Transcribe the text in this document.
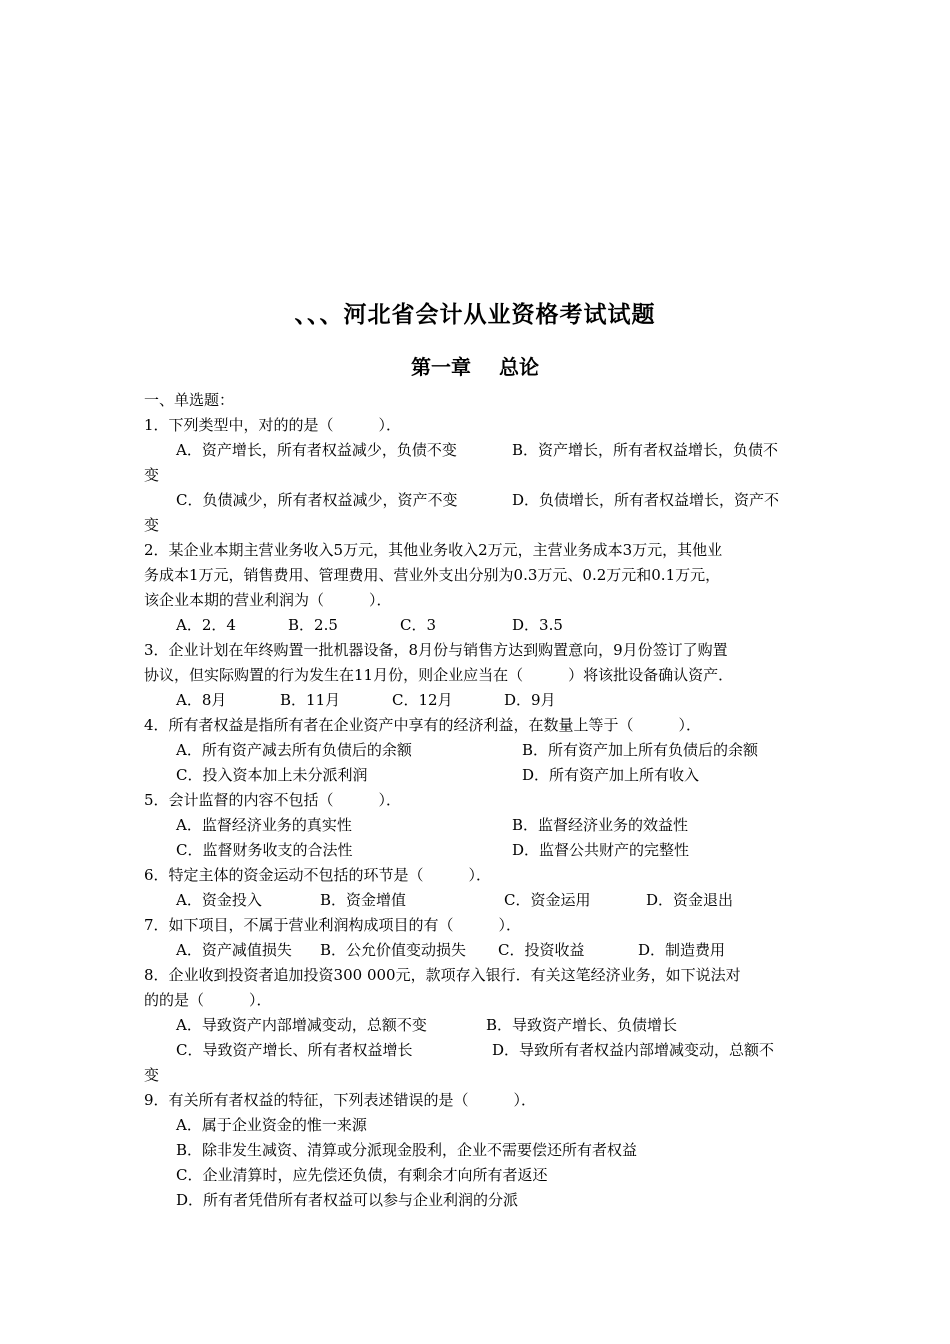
、、、河北省会计从业资格考试试题
第一章 总论
一、单选题：
1．下列类型中，对的的是（　　　）．
A．资产增长，所有者权益减少，负债不变	B．资产增长，所有者权益增长，负债不
变
C．负债减少，所有者权益减少，资产不变	D．负债增长，所有者权益增长，资产不
变
2．某企业本期主营业务收入5万元，其他业务收入2万元，主营业务成本3万元，其他业
务成本1万元，销售费用、管理费用、营业外支出分别为0.3万元、0.2万元和0.1万元，
该企业本期的营业利润为（　　　）．
A．2．4	B．2.5	C．3	D．3.5
3．企业计划在年终购置一批机器设备，8月份与销售方达到购置意向，9月份签订了购置
协议，但实际购置的行为发生在11月份，则企业应当在（　　　）将该批设备确认资产．
A．8月	B．11月	C．12月	D．9月
4．所有者权益是指所有者在企业资产中享有的经济利益，在数量上等于（　　　）．
A．所有资产减去所有负债后的余额	B．所有资产加上所有负债后的余额
C．投入资本加上未分派利润	D．所有资产加上所有收入
5．会计监督的内容不包括（　　　）．
A．监督经济业务的真实性	B．监督经济业务的效益性
C．监督财务收支的合法性	D．监督公共财产的完整性
6．特定主体的资金运动不包括的环节是（　　　）．
A．资金投入	B．资金增值	C．资金运用	D．资金退出
7．如下项目，不属于营业利润构成项目的有（　　　）．
A．资产减值损失 B．公允价值变动损失 C．投资收益	D．制造费用
8．企业收到投资者追加投资300 000元，款项存入银行．有关这笔经济业务，如下说法对
的的是（　　　）．
A．导致资产内部增减变动，总额不变	B．导致资产增长、负债增长
C．导致资产增长、所有者权益增长	D．导致所有者权益内部增减变动，总额不
变
9．有关所有者权益的特征，下列表述错误的是（　　　）．
A．属于企业资金的惟一来源
B．除非发生减资、清算或分派现金股利，企业不需要偿还所有者权益
C．企业清算时，应先偿还负债，有剩余才向所有者返还
D．所有者凭借所有者权益可以参与企业利润的分派
